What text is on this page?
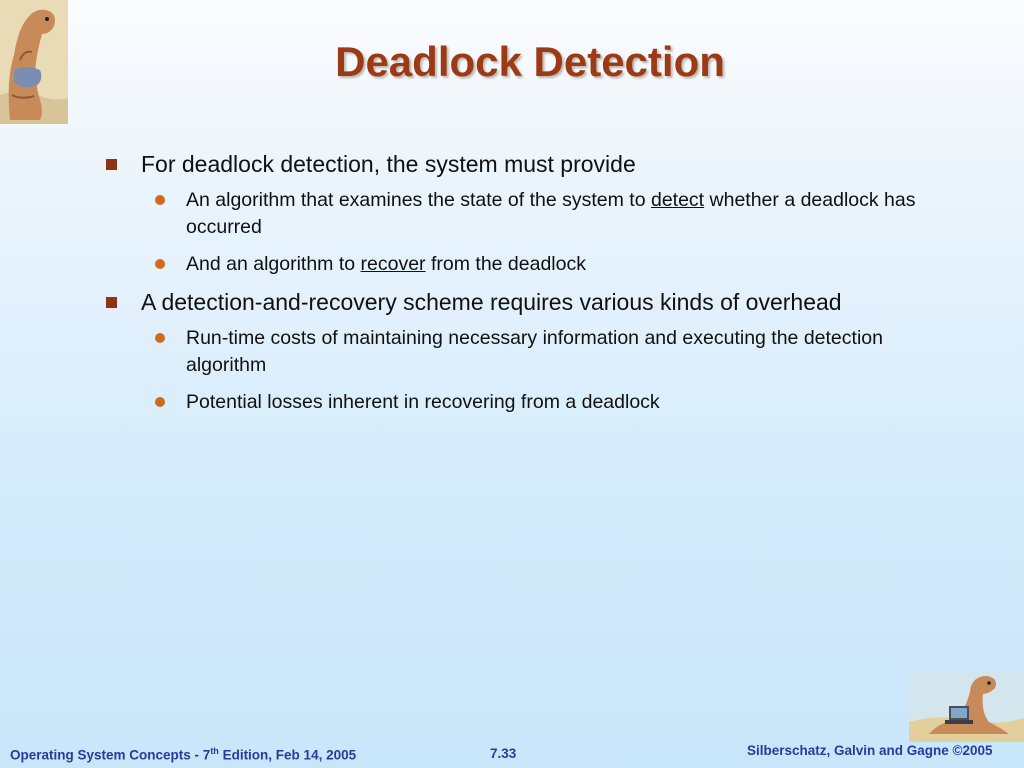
Deadlock Detection
For deadlock detection, the system must provide
An algorithm that examines the state of the system to detect whether a deadlock has occurred
And an algorithm to recover from the deadlock
A detection-and-recovery scheme requires various kinds of overhead
Run-time costs of maintaining necessary information and executing the detection algorithm
Potential losses inherent in recovering from a deadlock
Operating System Concepts - 7th Edition, Feb 14, 2005	7.33	Silberschatz, Galvin and Gagne ©2005
